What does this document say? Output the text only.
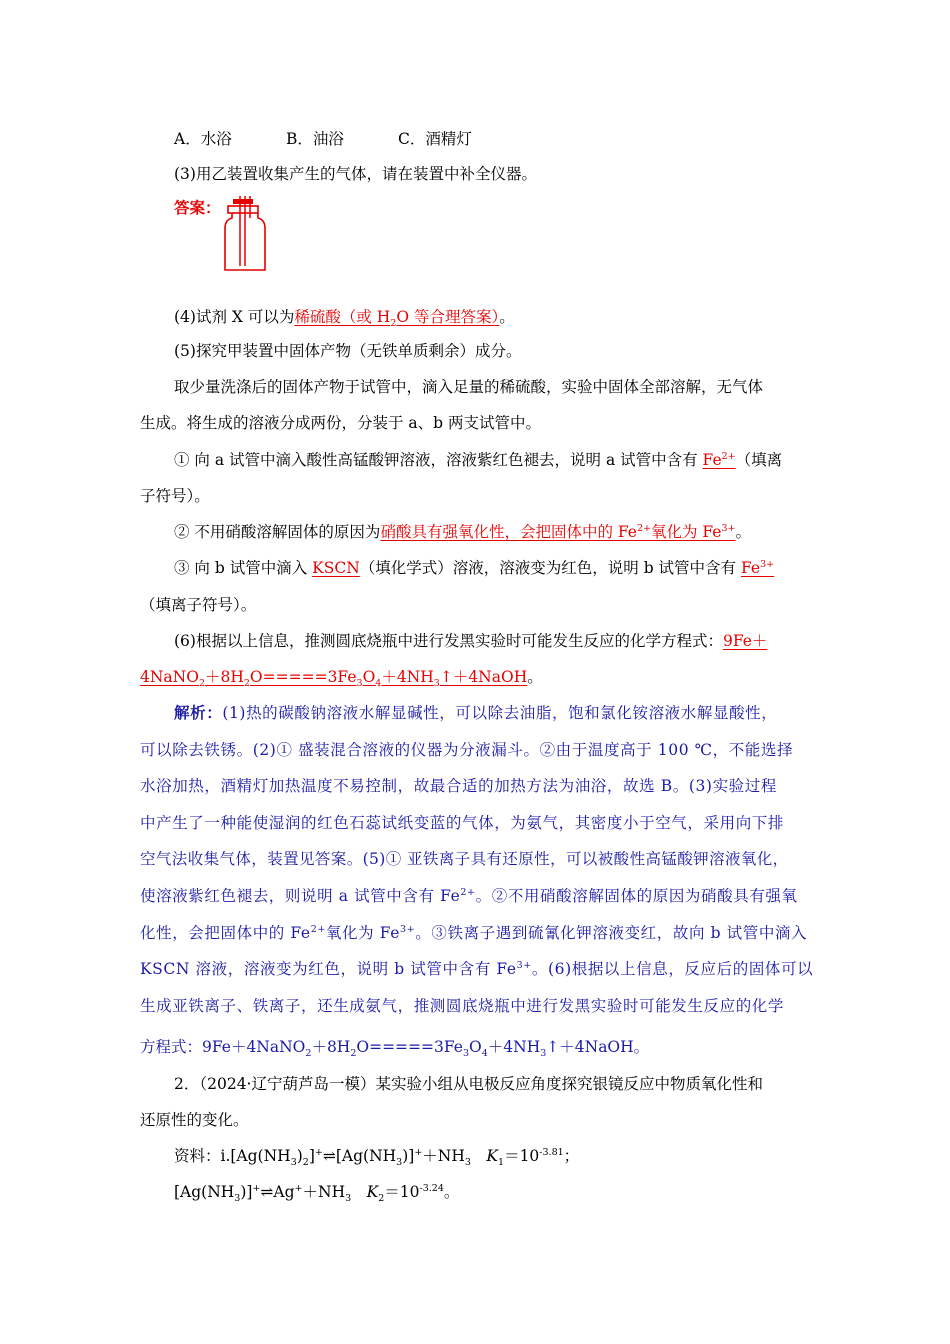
A．水浴	B．油浴	C．酒精灯
(3)用乙装置收集产生的气体，请在装置中补全仪器。
答案：
(4)试剂 X 可以为稀硫酸（或 $H_2O$ 等合理答案）。
(5)探究甲装置中固体产物（无铁单质剩余）成分。
取少量洗涤后的固体产物于试管中，滴入足量的稀硫酸，实验中固体全部溶解，无气体
生成。将生成的溶液分成两份，分装于 a、b 两支试管中。
① 向 a 试管中滴入酸性高锰酸钾溶液，溶液紫红色褪去，说明 a 试管中含有 $Fe^{2+}$（填离
子符号）。
② 不用硝酸溶解固体的原因为硝酸具有强氧化性，会把固体中的 $Fe^{2+}$氧化为 $Fe^{3+}$。
③ 向 b 试管中滴入 KSCN（填化学式）溶液，溶液变为红色，说明 b 试管中含有 $Fe^{3+}$
（填离子符号）。
(6)根据以上信息，推测圆底烧瓶中进行发黑实验时可能发生反应的化学方程式：9Fe＋
$4NaNO_2+8H_2O=====3Fe_3O_4+4NH_3↑+4NaOH$。
解析：(1)热的碳酸钠溶液水解显碱性，可以除去油脂，饱和氯化铵溶液水解显酸性，
可以除去铁锈。(2)① 盛装混合溶液的仪器为分液漏斗。②由于温度高于 100 ℃，不能选择
水浴加热，酒精灯加热温度不易控制，故最合适的加热方法为油浴，故选 B。(3)实验过程
中产生了一种能使湿润的红色石蕊试纸变蓝的气体，为氨气，其密度小于空气，采用向下排
空气法收集气体，装置见答案。(5)① 亚铁离子具有还原性，可以被酸性高锰酸钾溶液氧化，
使溶液紫红色褪去，则说明 a 试管中含有 $Fe^{2+}$。②不用硝酸溶解固体的原因为硝酸具有强氧
化性，会把固体中的 $Fe^{2+}$氧化为 $Fe^{3+}$。③铁离子遇到硫氰化钾溶液变红，故向 b 试管中滴入
KSCN 溶液，溶液变为红色，说明 b 试管中含有 $Fe^{3+}$。(6)根据以上信息，反应后的固体可以
生成亚铁离子、铁离子，还生成氨气，推测圆底烧瓶中进行发黑实验时可能发生反应的化学
方程式：$9Fe+4NaNO_2+8H_2O=====3Fe_3O_4+4NH_3↑+4NaOH$。
2．（2024·辽宁葫芦岛一模）某实验小组从电极反应角度探究银镜反应中物质氧化性和
还原性的变化。
资料：$ⅰ.[Ag(NH_3)_2]^+\rightleftharpoons[Ag(NH_3)]^++NH_3$　$K_1=10^{-3.81}$；
$[Ag(NH_3)]^+\rightleftharpoons Ag^++NH_3$　$K_2=10^{-3.24}$。
